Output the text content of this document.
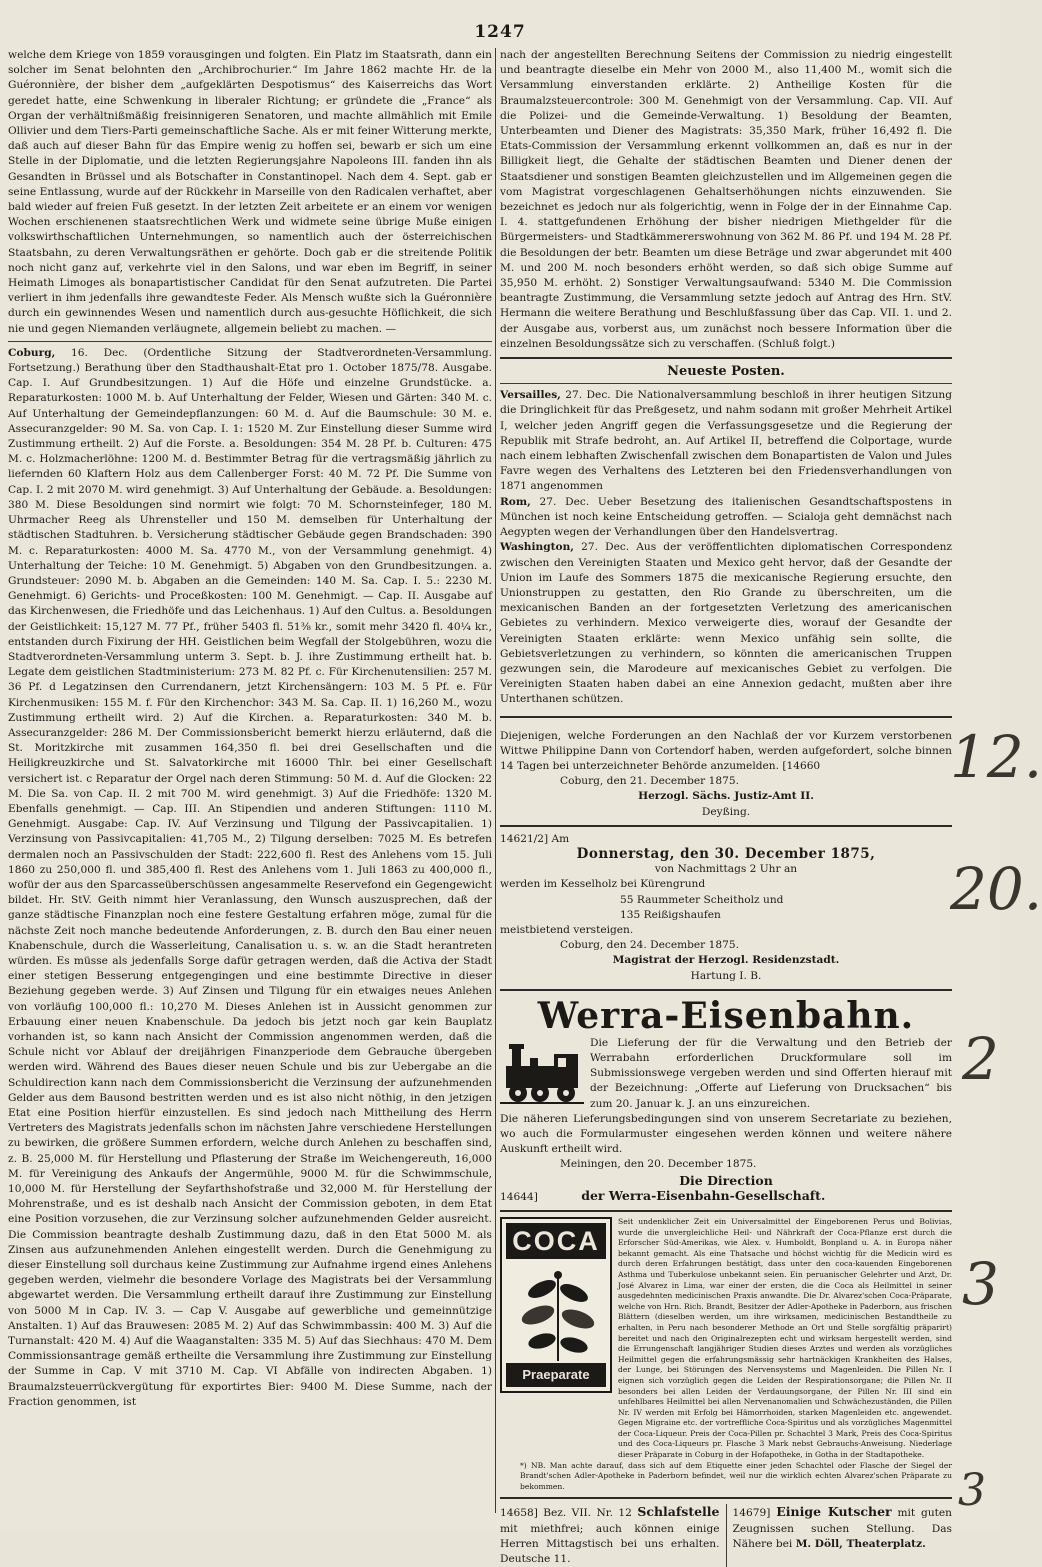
1247

welche dem Kriege von 1859 vorausgingen und folgten. Ein Platz im Staatsrath, dann ein solcher im Senat belohnten den „Archibrochurier.“ Im Jahre 1862 machte Hr. de la Guéronnière, der bisher dem „aufgeklärten Despotismus“ des Kaiserreichs das Wort geredet hatte, eine Schwenkung in liberaler Richtung; er gründete die „France“ als Organ der verhältnißmäßig freisinnigeren Senatoren, und machte allmählich mit Emile Ollivier und dem Tiers-Parti gemeinschaftliche Sache. Als er mit feiner Witterung merkte, daß auch auf dieser Bahn für das Empire wenig zu hoffen sei, bewarb er sich um eine Stelle in der Diplomatie, und die letzten Regierungsjahre Napoleons III. fanden ihn als Gesandten in Brüssel und als Botschafter in Constantinopel. Nach dem 4. Sept. gab er seine Entlassung, wurde auf der Rückkehr in Marseille von den Radicalen verhaftet, aber bald wieder auf freien Fuß gesetzt. In der letzten Zeit arbeitete er an einem vor wenigen Wochen erschienenen staatsrechtlichen Werk und widmete seine übrige Muße einigen volkswirthschaftlichen Unternehmungen, so namentlich auch der österreichischen Staatsbahn, zu deren Verwaltungsräthen er gehörte. Doch gab er die streitende Politik noch nicht ganz auf, verkehrte viel in den Salons, und war eben im Begriff, in seiner Heimath Limoges als bonapartistischer Candidat für den Senat aufzutreten. Die Partei verliert in ihm jedenfalls ihre gewandteste Feder. Als Mensch wußte sich la Guéronnière durch ein gewinnendes Wesen und namentlich durch aus-gesuchte Höflichkeit, die sich nie und gegen Niemanden verläugnete, allgemein beliebt zu machen. —

Coburg, 16. Dec. (Ordentliche Sitzung der Stadtverordneten-Versammlung. Fortsetzung.) Berathung über den Stadthaushalt-Etat pro 1. October 1875/78. Ausgabe. Cap. I. Auf Grundbesitzungen. 1) Auf die Höfe und einzelne Grundstücke. a. Reparaturkosten: 1000 M. b. Auf Unterhaltung der Felder, Wiesen und Gärten: 340 M. c. Auf Unterhaltung der Gemeindepflanzungen: 60 M. d. Auf die Baumschule: 30 M. e. Assecuranzgelder: 90 M. Sa. von Cap. I. 1: 1520 M. Zur Einstellung dieser Summe wird Zustimmung ertheilt. 2) Auf die Forste. a. Besoldungen: 354 M. 28 Pf. b. Culturen: 475 M. c. Holzmacherlöhne: 1200 M. d. Bestimmter Betrag für die vertragsmäßig jährlich zu liefernden 60 Klaftern Holz aus dem Callenberger Forst: 40 M. 72 Pf. Die Summe von Cap. I. 2 mit 2070 M. wird genehmigt. 3) Auf Unterhaltung der Gebäude. a. Besoldungen: 380 M. Diese Besoldungen sind normirt wie folgt: 70 M. Schornsteinfeger, 180 M. Uhrmacher Reeg als Uhrensteller und 150 M. demselben für Unterhaltung der städtischen Stadtuhren. b. Versicherung städtischer Gebäude gegen Brandschaden: 390 M. c. Reparaturkosten: 4000 M. Sa. 4770 M., von der Versammlung genehmigt. 4) Unterhaltung der Teiche: 10 M. Genehmigt. 5) Abgaben von den Grundbesitzungen. a. Grundsteuer: 2090 M. b. Abgaben an die Gemeinden: 140 M. Sa. Cap. I. 5.: 2230 M. Genehmigt. 6) Gerichts- und Proceßkosten: 100 M. Genehmigt. — Cap. II. Ausgabe auf das Kirchenwesen, die Friedhöfe und das Leichenhaus. 1) Auf den Cultus. a. Besoldungen der Geistlichkeit: 15,127 M. 77 Pf., früher 5403 fl. 51⅜ kr., somit mehr 3420 fl. 40¼ kr., entstanden durch Fixirung der HH. Geistlichen beim Wegfall der Stolgebühren, wozu die Stadtverordneten-Versammlung unterm 3. Sept. b. J. ihre Zustimmung ertheilt hat. b. Legate dem geistlichen Stadtministerium: 273 M. 82 Pf. c. Für Kirchenutensilien: 257 M. 36 Pf. d Legatzinsen den Currendanern, jetzt Kirchensängern: 103 M. 5 Pf. e. Für Kirchenmusiken: 155 M. f. Für den Kirchenchor: 343 M. Sa. Cap. II. 1) 16,260 M., wozu Zustimmung ertheilt wird. 2) Auf die Kirchen. a. Reparaturkosten: 340 M. b. Assecuranzgelder: 286 M. Der Commissionsbericht bemerkt hierzu erläuternd, daß die St. Moritzkirche mit zusammen 164,350 fl. bei drei Gesellschaften und die Heiligkreuzkirche und St. Salvatorkirche mit 16000 Thlr. bei einer Gesellschaft versichert ist. c Reparatur der Orgel nach deren Stimmung: 50 M. d. Auf die Glocken: 22 M. Die Sa. von Cap. II. 2 mit 700 M. wird genehmigt. 3) Auf die Friedhöfe: 1320 M. Ebenfalls genehmigt. — Cap. III. An Stipendien und anderen Stiftungen: 1110 M. Genehmigt. Ausgabe: Cap. IV. Auf Verzinsung und Tilgung der Passivcapitalien. 1) Verzinsung von Passivcapitalien: 41,705 M., 2) Tilgung derselben: 7025 M. Es betrefen dermalen noch an Passivschulden der Stadt: 222,600 fl. Rest des Anlehens vom 15. Juli 1860 zu 250,000 fl. und 385,400 fl. Rest des Anlehens vom 1. Juli 1863 zu 400,000 fl., wofür der aus den Sparcasseüberschüssen angesammelte Reservefond ein Gegengewicht bildet. Hr. StV. Geith nimmt hier Veranlassung, den Wunsch auszusprechen, daß der ganze städtische Finanzplan noch eine festere Gestaltung erfahren möge, zumal für die nächste Zeit noch manche bedeutende Anforderungen, z. B. durch den Bau einer neuen Knabenschule, durch die Wasserleitung, Canalisation u. s. w. an die Stadt herantreten würden. Es müsse als jedenfalls Sorge dafür getragen werden, daß die Activa der Stadt einer stetigen Besserung entgegengingen und eine bestimmte Directive in dieser Beziehung gegeben werde. 3) Auf Zinsen und Tilgung für ein etwaiges neues Anlehen von vorläufig 100,000 fl.: 10,270 M. Dieses Anlehen ist in Aussicht genommen zur Erbauung einer neuen Knabenschule. Da jedoch bis jetzt noch gar kein Bauplatz vorhanden ist, so kann nach Ansicht der Commission angenommen werden, daß die Schule nicht vor Ablauf der dreijährigen Finanzperiode dem Gebrauche übergeben werden wird. Während des Baues dieser neuen Schule und bis zur Uebergabe an die Schuldirection kann nach dem Commissionsbericht die Verzinsung der aufzunehmenden Gelder aus dem Bausond bestritten werden und es ist also nicht nöthig, in den jetzigen Etat eine Position hierfür einzustellen. Es sind jedoch nach Mittheilung des Herrn Vertreters des Magistrats jedenfalls schon im nächsten Jahre verschiedene Herstellungen zu bewirken, die größere Summen erfordern, welche durch Anlehen zu beschaffen sind, z. B. 25,000 M. für Herstellung und Pflasterung der Straße im Weichengereuth, 16,000 M. für Vereinigung des Ankaufs der Angermühle, 9000 M. für die Schwimmschule, 10,000 M. für Herstellung der Seyfarthshofstraße und 32,000 M. für Herstellung der Mohrenstraße, und es ist deshalb nach Ansicht der Commission geboten, in dem Etat eine Position vorzusehen, die zur Verzinsung solcher aufzunehmenden Gelder ausreicht. Die Commission beantragte deshalb Zustimmung dazu, daß in den Etat 5000 M. als Zinsen aus aufzunehmenden Anlehen eingestellt werden. Durch die Genehmigung zu dieser Einstellung soll durchaus keine Zustimmung zur Aufnahme irgend eines Anlehens gegeben werden, vielmehr die besondere Vorlage des Magistrats bei der Versammlung abgewartet werden. Die Versammlung ertheilt darauf ihre Zustimmung zur Einstellung von 5000 M in Cap. IV. 3. — Cap V. Ausgabe auf gewerbliche und gemeinnützige Anstalten. 1) Auf das Brauwesen: 2085 M. 2) Auf das Schwimmbassin: 400 M. 3) Auf die Turnanstalt: 420 M. 4) Auf die Waaganstalten: 335 M. 5) Auf das Siechhaus: 470 M. Dem Commissionsantrage gemäß ertheilte die Versammlung ihre Zustimmung zur Einstellung der Summe in Cap. V mit 3710 M. Cap. VI Abfälle von indirecten Abgaben. 1) Braumalzsteuerrückvergütung für exportirtes Bier: 9400 M. Diese Summe, nach der Fraction genommen, ist

nach der angestellten Berechnung Seitens der Commission zu niedrig eingestellt und beantragte dieselbe ein Mehr von 2000 M., also 11,400 M., womit sich die Versammlung einverstanden erklärte. 2) Antheilige Kosten für die Braumalzsteuercontrole: 300 M. Genehmigt von der Versammlung. Cap. VII. Auf die Polizei- und die Gemeinde-Verwaltung. 1) Besoldung der Beamten, Unterbeamten und Diener des Magistrats: 35,350 Mark, früher 16,492 fl. Die Etats-Commission der Versammlung erkennt vollkommen an, daß es nur in der Billigkeit liegt, die Gehalte der städtischen Beamten und Diener denen der Staatsdiener und sonstigen Beamten gleichzustellen und im Allgemeinen gegen die vom Magistrat vorgeschlagenen Gehaltserhöhungen nichts einzuwenden. Sie bezeichnet es jedoch nur als folgerichtig, wenn in Folge der in der Einnahme Cap. I. 4. stattgefundenen Erhöhung der bisher niedrigen Miethgelder für die Bürgermeisters- und Stadtkämmererswohnung von 362 M. 86 Pf. und 194 M. 28 Pf. die Besoldungen der betr. Beamten um diese Beträge und zwar abgerundet mit 400 M. und 200 M. noch besonders erhöht werden, so daß sich obige Summe auf 35,950 M. erhöht. 2) Sonstiger Verwaltungsaufwand: 5340 M. Die Commission beantragte Zustimmung, die Versammlung setzte jedoch auf Antrag des Hrn. StV. Hermann die weitere Berathung und Beschlußfassung über das Cap. VII. 1. und 2. der Ausgabe aus, vorberst aus, um zunächst noch bessere Information über die einzelnen Besoldungssätze sich zu verschaffen. (Schluß folgt.)

Neueste Posten.

Versailles, 27. Dec. Die Nationalversammlung beschloß in ihrer heutigen Sitzung die Dringlichkeit für das Preßgesetz, und nahm sodann mit großer Mehrheit Artikel I, welcher jeden Angriff gegen die Verfassungsgesetze und die Regierung der Republik mit Strafe bedroht, an. Auf Artikel II, betreffend die Colportage, wurde nach einem lebhaften Zwischenfall zwischen dem Bonapartisten de Valon und Jules Favre wegen des Verhaltens des Letzteren bei den Friedensverhandlungen von 1871 angenommen

Rom, 27. Dec. Ueber Besetzung des italienischen Gesandtschaftspostens in München ist noch keine Entscheidung getroffen. — Scialoja geht demnächst nach Aegypten wegen der Verhandlungen über den Handelsvertrag.

Washington, 27. Dec. Aus der veröffentlichten diplomatischen Correspondenz zwischen den Vereinigten Staaten und Mexico geht hervor, daß der Gesandte der Union im Laufe des Sommers 1875 die mexicanische Regierung ersuchte, den Unionstruppen zu gestatten, den Rio Grande zu überschreiten, um die mexicanischen Banden an der fortgesetzten Verletzung des americanischen Gebietes zu verhindern. Mexico verweigerte dies, worauf der Gesandte der Vereinigten Staaten erklärte: wenn Mexico unfähig sein sollte, die Gebietsverletzungen zu verhindern, so könnten die americanischen Truppen gezwungen sein, die Marodeure auf mexicanisches Gebiet zu verfolgen. Die Vereinigten Staaten haben dabei an eine Annexion gedacht, mußten aber ihre Unterthanen schützen.

Diejenigen, welche Forderungen an den Nachlaß der vor Kurzem verstorbenen Wittwe Philippine Dann von Cortendorf haben, werden aufgefordert, solche binnen 14 Tagen bei unterzeichneter Behörde anzumelden. [14660

Coburg, den 21. December 1875.

Herzogl. Sächs. Justiz-Amt II.

Deyßing.

14621/2] Am

Donnerstag, den 30. December 1875,

von Nachmittags 2 Uhr an

werden im Kesselholz bei Kürengrund

55 Raummeter Scheitholz und

135 Reißigshaufen

meistbietend versteigen.

Coburg, den 24. December 1875.

Magistrat der Herzogl. Residenzstadt.

Hartung I. B.

Werra-Eisenbahn.

Die Lieferung der für die Verwaltung und den Betrieb der Werrabahn erforderlichen Druckformulare soll im Submissionswege vergeben werden und sind Offerten hierauf mit der Bezeichnung: „Offerte auf Lieferung von Drucksachen“ bis zum 20. Januar k. J. an uns einzureichen.

Die näheren Lieferungsbedingungen sind von unserem Secretariate zu beziehen, wo auch die Formularmuster eingesehen werden können und weitere nähere Auskunft ertheilt wird.

Meiningen, den 20. December 1875.

Die Direction

14644]	der Werra-Eisenbahn-Gesellschaft.

COCA
Praeparate
Seit undenklicher Zeit ein Universalmittel der Eingeborenen Perus und Bolivias, wurde die unvergleichliche Heil- und Nährkraft der Coca-Pflanze erst durch die Erforscher Süd-Amerikas, wie Alex. v. Humboldt, Bonpland u. A. in Europa näher bekannt gemacht. Als eine Thatsache und höchst wichtig für die Medicin wird es durch deren Erfahrungen bestätigt, dass unter den coca-kauenden Eingeborenen Asthma und Tuberkulose unbekannt seien. Ein peruanischer Gelehrter und Arzt, Dr. José Alvarez in Lima, war einer der ersten, die die Coca als Heilmittel in seiner ausgedehnten medicinischen Praxis anwandte. Die Dr. Alvarez'schen Coca-Präparate, welche von Hrn. Rich. Brandt, Besitzer der Adler-Apotheke in Paderborn, aus frischen Blättern (dieselben werden, um ihre wirksamen, medicinischen Bestandtheile zu erhalten, in Peru nach besonderer Methode an Ort und Stelle sorgfältig präparirt) bereitet und nach den Originalrezepten echt und wirksam hergestellt werden, sind die Errungenschaft langjähriger Studien dieses Arztes und werden als vorzügliches Heilmittel gegen die erfahrungsmässig sehr hartnäckigen Krankheiten des Halses, der Lunge, bei Störungen des Nervensystems und Magenleiden. Die Pillen Nr. I eignen sich vorzüglich gegen die Leiden der Respirationsorgane; die Pillen Nr. II besonders bei allen Leiden der Verdauungsorgane, der Pillen Nr. III sind ein unfehlbares Heilmittel bei allen Nervenanomalien und Schwächezuständen, die Pillen Nr. IV werden mit Erfolg bei Hämorrhoiden, starken Magenleiden etc. angewendet. Gegen Migraine etc. der vortreffliche Coca-Spiritus und als vorzügliches Magenmittel der Coca-Liqueur. Preis der Coca-Pillen pr. Schachtel 3 Mark, Preis des Coca-Spiritus und des Coca-Liqueurs pr. Flasche 3 Mark nebst Gebrauchs-Anweisung. Niederlage dieser Präparate in Coburg in der Hofapotheke, in Gotha in der Stadtapotheke.

*) NB. Man achte darauf, dass sich auf dem Etiquette einer jeden Schachtel oder Flasche der Siegel der Brandt'schen Adler-Apotheke in Paderborn befindet, weil nur die wirklich echten Alvarez'schen Präparate zu bekommen.

14658] Bez. VII. Nr. 12 Schlafstelle mit miethfrei; auch können einige Herren Mittagstisch bei uns erhalten. Deutsche 11.
14679] Einige Kutscher mit guten Zeugnissen suchen Stellung. Das Nähere bei M. Döll, Theaterplatz.
12.
20.
2
3
3
